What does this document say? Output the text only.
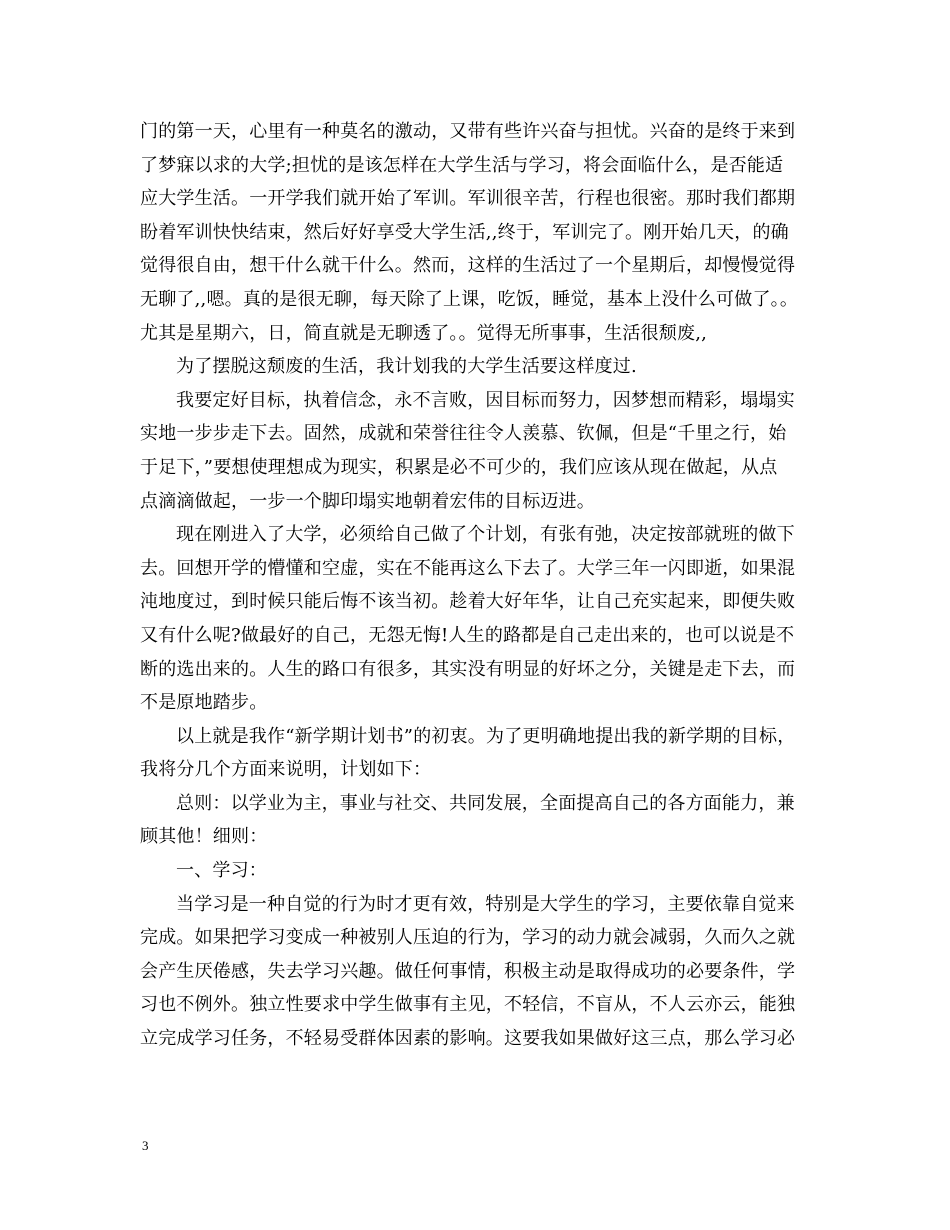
门的第一天，心里有一种莫名的激动，又带有些许兴奋与担忧。兴奋的是终于来到
了梦寐以求的大学;担忧的是该怎样在大学生活与学习，将会面临什么，是否能适
应大学生活。一开学我们就开始了军训。军训很辛苦，行程也很密。那时我们都期
盼着军训快快结束，然后好好享受大学生活,,终于，军训完了。刚开始几天，的确
觉得很自由，想干什么就干什么。然而，这样的生活过了一个星期后，却慢慢觉得
无聊了,,嗯。真的是很无聊，每天除了上课，吃饭，睡觉，基本上没什么可做了。。
尤其是星期六，日，简直就是无聊透了。。觉得无所事事，生活很颓废,,
为了摆脱这颓废的生活，我计划我的大学生活要这样度过.
我要定好目标，执着信念，永不言败，因目标而努力，因梦想而精彩，塌塌实
实地一步步走下去。固然，成就和荣誉往往令人羡慕、钦佩，但是“千里之行，始
于足下，”要想使理想成为现实，积累是必不可少的，我们应该从现在做起，从点
点滴滴做起，一步一个脚印塌实地朝着宏伟的目标迈进。
现在刚进入了大学，必须给自己做了个计划，有张有弛，决定按部就班的做下
去。回想开学的懵懂和空虚，实在不能再这么下去了。大学三年一闪即逝，如果混
沌地度过，到时候只能后悔不该当初。趁着大好年华，让自己充实起来，即便失败
又有什么呢?做最好的自己，无怨无悔!人生的路都是自己走出来的，也可以说是不
断的选出来的。人生的路口有很多，其实没有明显的好坏之分，关键是走下去，而
不是原地踏步。
以上就是我作“新学期计划书”的初衷。为了更明确地提出我的新学期的目标，
我将分几个方面来说明，计划如下：
总则：以学业为主，事业与社交、共同发展，全面提高自己的各方面能力，兼
顾其他！细则：
一、学习：
当学习是一种自觉的行为时才更有效，特别是大学生的学习，主要依靠自觉来
完成。如果把学习变成一种被别人压迫的行为，学习的动力就会减弱，久而久之就
会产生厌倦感，失去学习兴趣。做任何事情，积极主动是取得成功的必要条件，学
习也不例外。独立性要求中学生做事有主见，不轻信，不盲从，不人云亦云，能独
立完成学习任务，不轻易受群体因素的影响。这要我如果做好这三点，那么学习必
3
